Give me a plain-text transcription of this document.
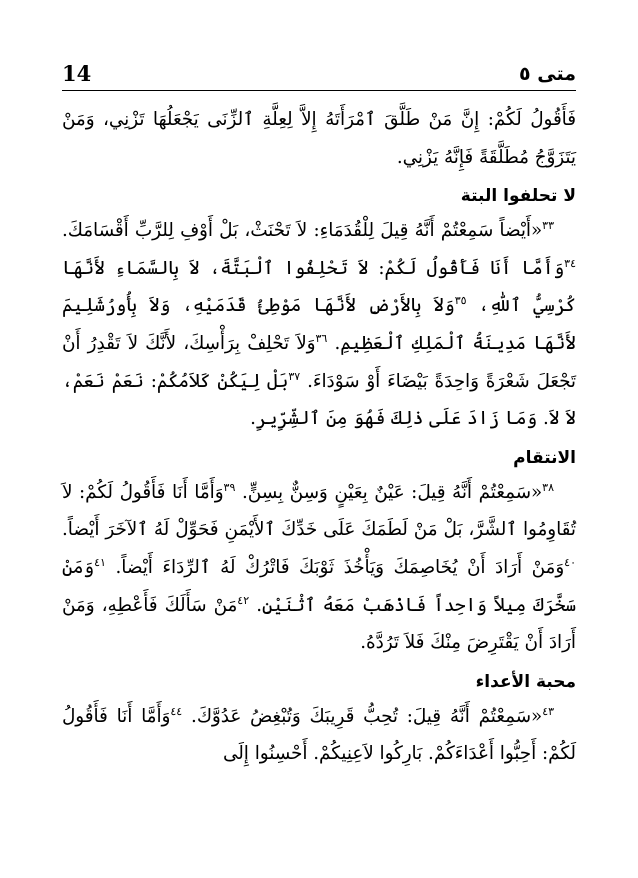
متى ٥
14

فَأَقُولُ لَكُمْ: إِنَّ مَنْ طَلَّقَ ٱمْرَأَتَهُ إِلاَّ لِعِلَّةِ ٱلزِّنَى يَجْعَلُهَا تَزْنِي، وَمَنْ يَتَزَوَّجُ مُطَلَّقَةً فَإِنَّهُ يَزْنِي.

لا تحلفوا البتة

$^{٣٣}$«أَيْضاً سَمِعْتُمْ أَنَّهُ قِيلَ لِلْقُدَمَاءِ: لاَ تَحْنَثْ، بَلْ أَوْفِ لِلرَّبِّ أَقْسَامَكَ. $^{٣٤}$وَأَمَّا أَنَا فَأَقُولُ لَكُمْ: لاَ تَحْلِفُوا ٱلْبَتَّةَ، لاَ بِالسَّمَاءِ لأَنَّهَا كُرْسِيُّ ٱللّٰهِ، $^{٣٥}$وَلاَ بِالأَرْضِ لأَنَّهَا مَوْطِئُ قَدَمَيْهِ، وَلاَ بِأُورُشَلِيمَ لأَنَّهَا مَدِينَةُ ٱلْمَلِكِ ٱلْعَظِيمِ. $^{٣٦}$وَلاَ تَحْلِفْ بِرَأْسِكَ، لأَنَّكَ لاَ تَقْدِرُ أَنْ تَجْعَلَ شَعْرَةً وَاحِدَةً بَيْضَاءَ أَوْ سَوْدَاءَ. $^{٣٧}$بَلْ لِيَكُنْ كَلاَمُكُمْ: نَعَمْ نَعَمْ، لاَ لاَ. وَمَا زَادَ عَلَى ذٰلِكَ فَهُوَ مِنَ ٱلشِّرِّيرِ.

الانتقام

$^{٣٨}$«سَمِعْتُمْ أَنَّهُ قِيلَ: عَيْنٌ بِعَيْنٍ وَسِنٌّ بِسِنٍّ. $^{٣٩}$وَأَمَّا أَنَا فَأَقُولُ لَكُمْ: لاَ تُقَاوِمُوا ٱلشَّرَّ، بَلْ مَنْ لَطَمَكَ عَلَى خَدِّكَ ٱلأَيْمَنِ فَحَوِّلْ لَهُ ٱلآخَرَ أَيْضاً. $^{٤٠}$وَمَنْ أَرَادَ أَنْ يُخَاصِمَكَ وَيَأْخُذَ ثَوْبَكَ فَاتْرُكْ لَهُ ٱلرِّدَاءَ أَيْضاً. $^{٤١}$وَمَنْ سَخَّرَكَ مِيلاً وَاحِداً فَاذْهَبْ مَعَهُ ٱثْنَيْنِ. $^{٤٢}$مَنْ سَأَلَكَ فَأَعْطِهِ، وَمَنْ أَرَادَ أَنْ يَقْتَرِضَ مِنْكَ فَلاَ تَرُدَّهُ.

محبة الأعداء

$^{٤٣}$«سَمِعْتُمْ أَنَّهُ قِيلَ: تُحِبُّ قَرِيبَكَ وَتُبْغِضُ عَدُوَّكَ. $^{٤٤}$وَأَمَّا أَنَا فَأَقُولُ لَكُمْ: أَحِبُّوا أَعْدَاءَكُمْ. بَارِكُوا لاَعِنِيكُمْ. أَحْسِنُوا إِلَى
